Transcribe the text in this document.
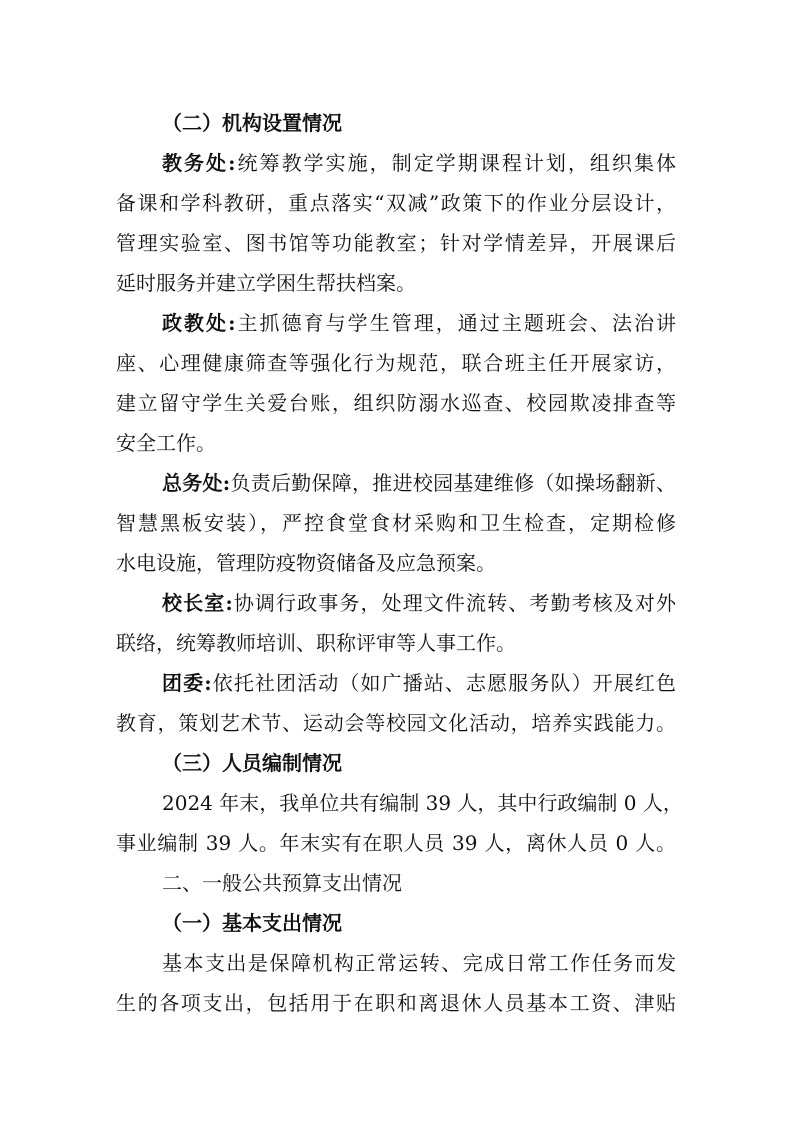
（二）机构设置情况
教务处:统筹教学实施，制定学期课程计划，组织集体
备课和学科教研，重点落实“双减”政策下的作业分层设计，
管理实验室、图书馆等功能教室；针对学情差异，开展课后
延时服务并建立学困生帮扶档案。
政教处:主抓德育与学生管理，通过主题班会、法治讲
座、心理健康筛查等强化行为规范，联合班主任开展家访，
建立留守学生关爱台账，组织防溺水巡查、校园欺凌排查等
安全工作。
总务处:负责后勤保障，推进校园基建维修（如操场翻新、
智慧黑板安装），严控食堂食材采购和卫生检查，定期检修
水电设施，管理防疫物资储备及应急预案。
校长室:协调行政事务，处理文件流转、考勤考核及对外
联络，统筹教师培训、职称评审等人事工作。
团委:依托社团活动（如广播站、志愿服务队）开展红色
教育，策划艺术节、运动会等校园文化活动，培养实践能力。
（三）人员编制情况
2024 年末，我单位共有编制 39 人，其中行政编制 0 人，
事业编制 39 人。年末实有在职人员 39 人，离休人员 0 人。
二、一般公共预算支出情况
（一）基本支出情况
基本支出是保障机构正常运转、完成日常工作任务而发
生的各项支出，包括用于在职和离退休人员基本工资、津贴
